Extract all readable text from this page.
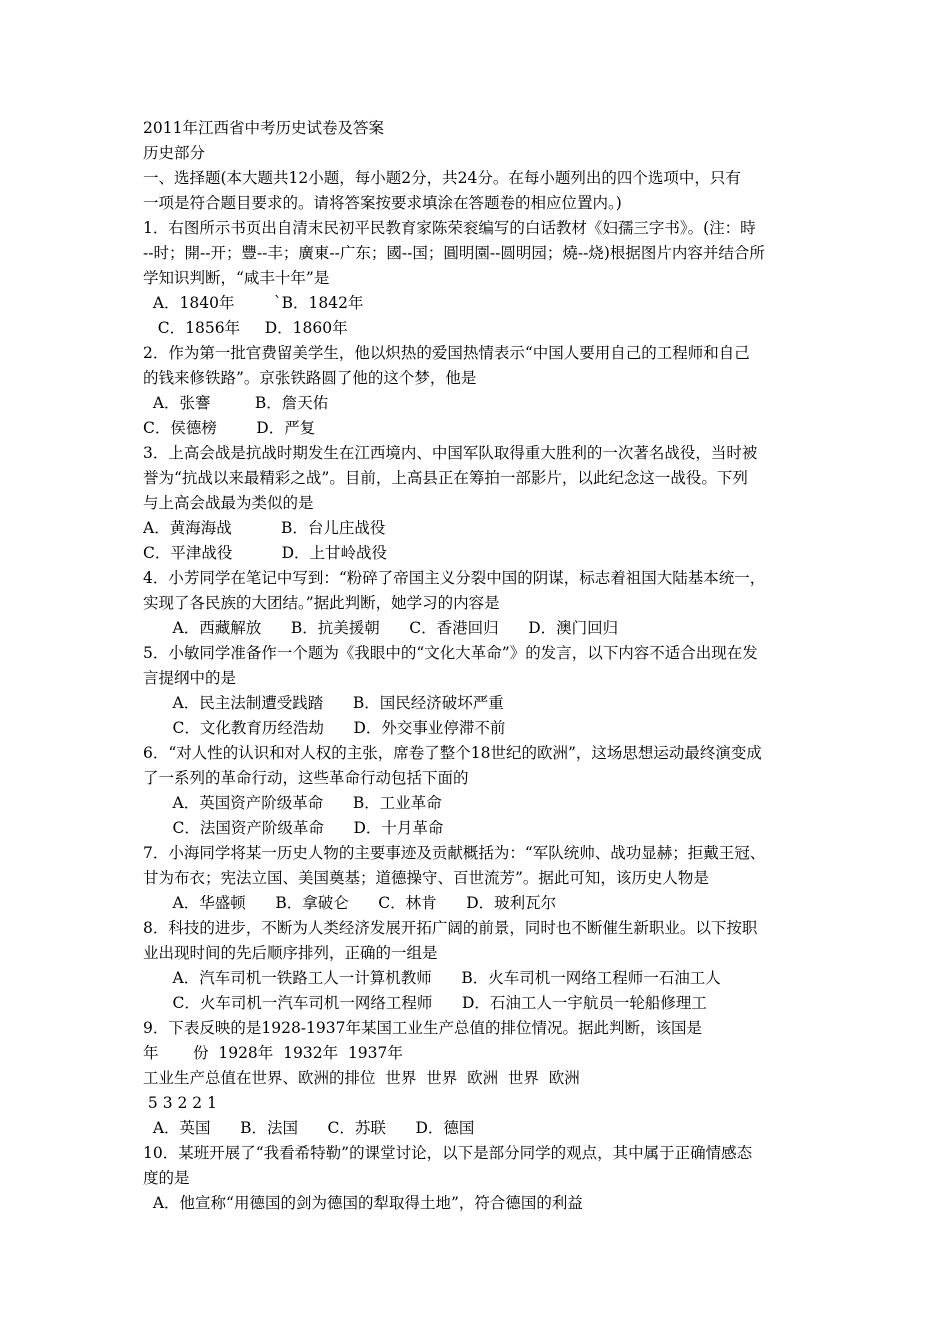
2011年江西省中考历史试卷及答案
历史部分
一、选择题(本大题共12小题，每小题2分，共24分。在每小题列出的四个选项中，只有
一项是符合题目要求的。请将答案按要求填涂在答题卷的相应位置内。)
1．右图所示书页出自清末民初平民教育家陈荣衮编写的白话教材《妇孺三字书》。(注：時
--时；開--开；豐--丰；廣東--广东；國--国；圓明園--圆明园；燒--烧)根据图片内容并结合所
学知识判断，“咸丰十年”是
A．1840年        `B．1842年
C．1856年     D．1860年
2．作为第一批官费留美学生，他以炽热的爱国热情表示“中国人要用自己的工程师和自己
的钱来修铁路”。京张铁路圆了他的这个梦，他是
A．张謇         B．詹天佑
C．侯德榜        D．严复
3．上高会战是抗战时期发生在江西境内、中国军队取得重大胜利的一次著名战役，当时被
誉为“抗战以来最精彩之战”。目前，上高县正在筹拍一部影片，以此纪念这一战役。下列
与上高会战最为类似的是
A．黄海海战          B．台儿庄战役
C．平津战役          D．上甘岭战役
4．小芳同学在笔记中写到：“粉碎了帝国主义分裂中国的阴谋，标志着祖国大陆基本统一，
实现了各民族的大团结。”据此判断，她学习的内容是
A．西藏解放      B．抗美援朝      C．香港回归      D．澳门回归
5．小敏同学准备作一个题为《我眼中的“文化大革命”》的发言，以下内容不适合出现在发
言提纲中的是
A．民主法制遭受践踏      B．国民经济破坏严重
C．文化教育历经浩劫      D．外交事业停滞不前
6．“对人性的认识和对人权的主张，席卷了整个18世纪的欧洲”，这场思想运动最终演变成
了一系列的革命行动，这些革命行动包括下面的
A．英国资产阶级革命      B．工业革命
C．法国资产阶级革命      D．十月革命
7．小海同学将某一历史人物的主要事迹及贡献概括为：“军队统帅、战功显赫；拒戴王冠、
甘为布衣；宪法立国、美国奠基；道德操守、百世流芳”。据此可知，该历史人物是
A．华盛顿      B．拿破仑      C．林肯      D．玻利瓦尔
8．科技的进步，不断为人类经济发展开拓广阔的前景，同时也不断催生新职业。以下按职
业出现时间的先后顺序排列，正确的一组是
A．汽车司机一铁路工人一计算机教师      B．火车司机一网络工程师一石油工人
C．火车司机一汽车司机一网络工程师      D．石油工人一宇航员一轮船修理工
9．下表反映的是1928-1937年某国工业生产总值的排位情况。据此判断，该国是
年       份  1928年  1932年  1937年
工业生产总值在世界、欧洲的排位  世界  世界  欧洲  世界  欧洲
5 3 2 2 1
A．英国      B．法国      C．苏联      D．德国
10．某班开展了“我看希特勒”的课堂讨论，以下是部分同学的观点，其中属于正确情感态
度的是
A．他宣称“用德国的剑为德国的犁取得土地”，符合德国的利益
